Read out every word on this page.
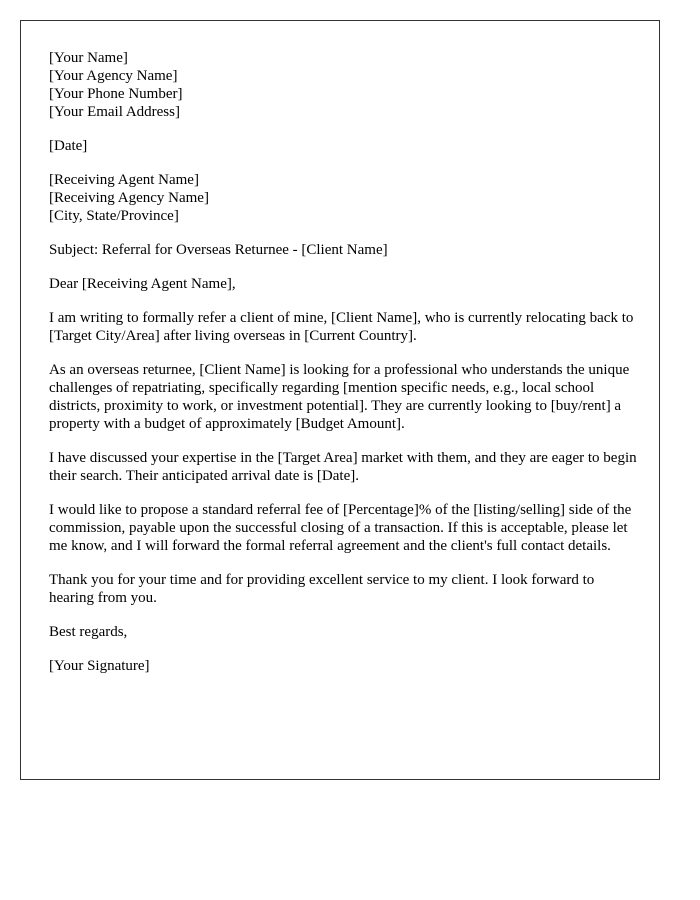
[Your Name]
[Your Agency Name]
[Your Phone Number]
[Your Email Address]
[Date]
[Receiving Agent Name]
[Receiving Agency Name]
[City, State/Province]

Subject: Referral for Overseas Returnee - [Client Name]

Dear [Receiving Agent Name],

I am writing to formally refer a client of mine, [Client Name], who is currently relocating back to [Target City/Area] after living overseas in [Current Country].

As an overseas returnee, [Client Name] is looking for a professional who understands the unique challenges of repatriating, specifically regarding [mention specific needs, e.g., local school districts, proximity to work, or investment potential]. They are currently looking to [buy/rent] a property with a budget of approximately [Budget Amount].

I have discussed your expertise in the [Target Area] market with them, and they are eager to begin their search. Their anticipated arrival date is [Date].

I would like to propose a standard referral fee of [Percentage]% of the [listing/selling] side of the commission, payable upon the successful closing of a transaction. If this is acceptable, please let me know, and I will forward the formal referral agreement and the client's full contact details.

Thank you for your time and for providing excellent service to my client. I look forward to hearing from you.

Best regards,

[Your Signature]
